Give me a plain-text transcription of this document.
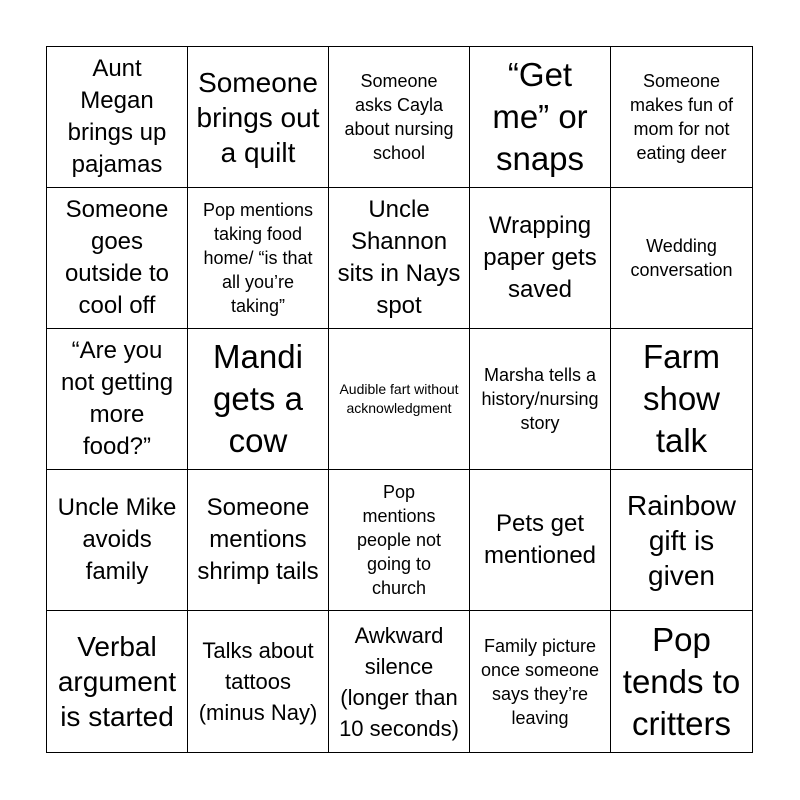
Aunt Megan brings up pajamas
Someone brings out a quilt
Someone asks Cayla about nursing school
“Get me” or snaps
Someone makes fun of mom for not eating deer
Someone goes outside to cool off
Pop mentions taking food home/ “is that all you’re taking”
Uncle Shannon sits in Nays spot
Wrapping paper gets saved
Wedding conversation
“Are you not getting more food?”
Mandi gets a cow
Audible fart without acknowledgment
Marsha tells a history/nursing story
Farm show talk
Uncle Mike avoids family
Someone mentions shrimp tails
Pop mentions people not going to church
Pets get mentioned
Rainbow gift is given
Verbal argument is started
Talks about tattoos (minus Nay)
Awkward silence (longer than 10 seconds)
Family picture once someone says they’re leaving
Pop tends to critters
